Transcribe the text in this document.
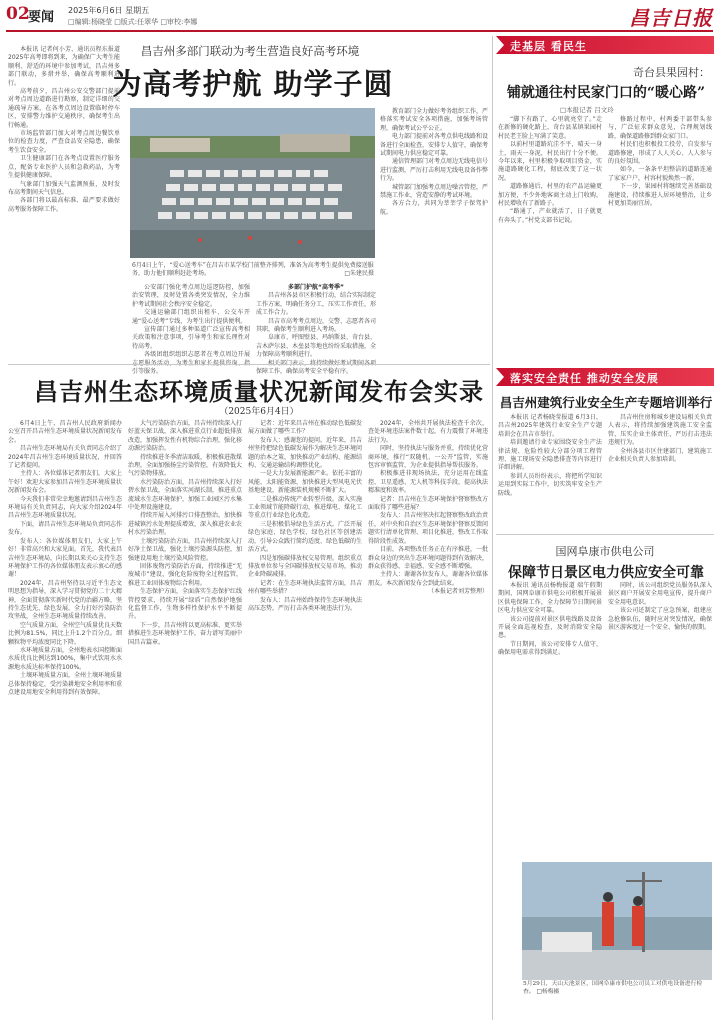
02
要闻 2025年6月6日 星期五
□编辑:杨晓莹 □版式:任翠华 □审校:李娜	昌吉日报
昌吉州多部门联动为考生营造良好高考环境
为高考护航 助学子圆

本报讯 记者何小芳、通讯员程东报道 2025年高考即将到来，为确保广大考生能顺利、舒适的环境中参加考试，昌吉州多部门联动，多措并举，确保高考顺利进行。

高考前夕，昌吉州公安交警部门提前对考点周边道路进行勘察，制定详细的交通疏导方案，在各考点周边设置临时停车区，安排警力维护交通秩序，确保考生出行畅通。

市场监管部门加大对考点周边餐饮单位的检查力度，严查食品安全隐患，确保考生饮食安全。

卫生健康部门在各考点设置医疗服务点，配备专业医护人员和急救药品，为考生提供健康保障。

气象部门加强天气监测预报，及时发布高考期间天气信息。

各部门将以最高标准、最严要求做好高考服务保障工作。

教育部门全力做好考务组织工作，严格落实考试安全各项措施，加强考场管理，确保考试公平公正。

电力部门提前对各考点供电线路和设备进行全面检查，安排专人值守，确保考试期间电力供应稳定可靠。

通信管理部门对考点周边无线电信号进行监测，严厉打击利用无线电设备作弊行为。

城管部门加强考点周边噪音管控，严禁施工作业，营造安静的考试环境。

各方合力，共同为莘莘学子保驾护航。

6月4日上午，“爱心送考车”在昌吉市某学校门前整齐排列，准备为高考考生提供免费接送服务，助力他们顺利赶赴考场。	□朱建民摄

公安部门强化考点周边巡逻防控，加强治安管理，及时处置各类突发情况，全力维护考试期间社会秩序安全稳定。

交通运输部门组织出租车、公交车开通“爱心送考”专线，为考生出行提供便利。

宣传部门通过多种渠道广泛宣传高考相关政策和注意事项，引导考生和家长理性对待高考。

各级团组织组织志愿者在考点周边开展 引等服务。

多部门护航“高考季”

昌吉州各县市区积极行动，结合实际制定工作方案，明确任务分工，压实工作责任，形成工作合力。

昌吉市高考考点周边，交警、志愿者各司其职，确保考生顺利进入考场。

阜康市、呼图壁县、玛纳斯县、奇台县、吉木萨尔县、木垒县等地也纷纷采取措施，全力保障高考顺利进行。

保障工作，确保高考安全平稳有序。

走基层 看民生
奇台县果园村：
铺就通往村民家门口的“暖心路”
□本报记者 吕文玲

“脚下有路了，心里就亮堂了。”走在新修的硬化路上，奇台县某镇果园村村民老王脸上写满了笑意。

以前村里道路坑洼不平，晴天一身土，雨天一身泥，村民出行十分不便。今年以来，村里积极争取项目资金，实施道路硬化工程，彻底改变了这一状况。

道路修通后，村里的农产品运输更加方便，不少外地客商主动上门收购，村民增收有了新路子。

“路通了，产业就活了，日子就更有奔头了。”村党支部书记说。

修路过程中，村两委干部带头参与，广泛征求群众意见，合理规划线路，确保道路修到群众家门口。

村民们也积极投工投劳，自发参与道路修建，形成了人人关心、人人参与的良好氛围。

如今，一条条平坦整洁的道路连通了家家户户，村容村貌焕然一新。

下一步，果园村将继续完善基础设施建设，持续推进人居环境整治，让乡村更加美丽宜居。

昌吉州生态环境质量状况新闻发布会实录
（2025年6月4日）

6月4日上午，昌吉州人民政府新闻办公室召开昌吉州生态环境质量状况新闻发布会。

昌吉州生态环境局有关负责同志介绍了2024年昌吉州生态环境质量状况，并回答了记者提问。

主持人：各位媒体记者朋友们，大家上午好！欢迎大家参加昌吉州生态环境质量状况新闻发布会。

今天我们非常荣幸地邀请到昌吉州生态环境局有关负责同志，向大家介绍2024年昌吉州生态环境质量状况。

下面，请昌吉州生态环境局负责同志作发布。

发布人：各位媒体朋友们，大家上午好！非常高兴和大家见面。首先，我代表昌吉州生态环境局，向长期以来关心支持生态环境保护工作的各位媒体朋友表示衷心的感谢！

2024年，昌吉州坚持以习近平生态文明思想为指导，深入学习贯彻党的二十大精神，全面贯彻落实新时代党的治疆方略，坚持生态优先、绿色发展，全力打好污染防治攻坚战，全州生态环境质量持续改善。

空气质量方面，全州空气质量优良天数比例为81.5%，同比上升1.2个百分点。细颗粒物平均浓度同比下降。

水环境质量方面，全州地表水国控断面水质优良比例达到100%，集中式饮用水水源地水质达标率保持100%。

土壤环境质量方面，全州土壤环境质量总体保持稳定，受污染耕地安全利用率和重点建设用地安全利用得到有效保障。

大气污染防治方面，昌吉州持续深入打好蓝天保卫战，深入推进重点行业超低排放改造，加强挥发性有机物综合治理，强化移动源污染防治。

持续推进冬季清洁取暖，积极推进散煤治理，全面加强扬尘污染管控，有效降低大气污染物排放。

水污染防治方面，昌吉州持续深入打好碧水保卫战，全面落实河湖长制，推进重点流域水生态环境保护，加强工业园区污水集中处理设施建设。

持续开展入河排污口排查整治，加快推进城镇污水处理提质增效，深入推进农业农村水污染治理。

土壤污染防治方面，昌吉州持续深入打好净土保卫战，强化土壤污染源头防控，加强建设用地土壤污染风险管控。

固体废物污染防治方面，持续推进“无废城市”建设，强化危险废物全过程监管，推进工业固体废物综合利用。

生态保护方面，全面落实生态保护红线管控要求，持续开展“绿盾”自然保护地强化监督工作，生物多样性保护水平不断提升。

下一步，昌吉州将以更高标准、更实举措推进生态环境保护工作，奋力谱写美丽中国昌吉篇章。

记者：近年来昌吉州在推动绿色低碳发展方面做了哪些工作？

发布人：感谢您的提问。近年来，昌吉州坚持把绿色低碳发展作为解决生态环境问题的治本之策，加快推动产业结构、能源结构、交通运输结构调整优化。

一是大力发展新能源产业。依托丰富的风能、太阳能资源，加快推进大型风电光伏基地建设，新能源装机规模不断扩大。

二是推动传统产业转型升级。深入实施工业领域节能降碳行动，推进煤电、煤化工等重点行业绿色化改造。

三是积极倡导绿色生活方式。广泛开展绿色家庭、绿色学校、绿色社区等创建活动，引导公众践行简约适度、绿色低碳的生活方式。

四是加强碳排放权交易管理。组织重点排放单位参与全国碳排放权交易市场，推动企业降碳减排。

记者：在生态环境执法监管方面，昌吉州有哪些举措？

发布人：昌吉州始终保持生态环境执法高压态势，严厉打击各类环境违法行为。

2024年，全州共开展执法检查千余次，查处环境违法案件数十起，有力震慑了环境违法行为。

同时，坚持执法与服务并重，持续优化营商环境，推行“双随机、一公开”监管，实施包容审慎监管，为企业提供指导帮扶服务。

积极推进非现场执法，充分运用在线监控、卫星遥感、无人机等科技手段，提高执法精准度和效率。

记者：昌吉州在生态环境保护督察整改方面取得了哪些进展？

发布人：昌吉州坚决扛起督察整改政治责任，对中央和自治区生态环境保护督察反馈问题实行清单化管理、项目化推进，整改工作取得阶段性成效。

目前，各项整改任务正在有序推进，一批群众身边的突出生态环境问题得到有效解决，群众获得感、幸福感、安全感不断增强。

主持人：谢谢各位发布人，谢谢各位媒体朋友。本次新闻发布会到此结束。

（本报记者刘芳整理）

落实安全责任 推动安全发展
昌吉州建筑行业安全生产专题培训举行

本报讯 记者杨晓莹报道 6月3日，昌吉州2025年建筑行业安全生产专题培训会在昌吉市举行。

培训邀请行业专家围绕安全生产法律法规、危险性较大分部分项工程管理、施工现场安全隐患排查等内容进行详细讲解。

参训人员纷纷表示，将把所学知识运用到实际工作中，切实筑牢安全生产防线。

昌吉州住房和城乡建设局相关负责人表示，将持续加强建筑施工安全监管，压实企业主体责任，严厉打击违法违规行为。

全州各县市区住建部门、建筑施工企业相关负责人参加培训。

国网阜康市供电公司
保障节日景区电力供应安全可靠

本报讯 通讯员杨梅报道 端午假期期间，国网阜康市供电公司积极开展景区供电保障工作，全力保障节日期间景区电力供应安全可靠。

该公司提前对景区供电线路及设备开展全面巡视检查，及时消除安全隐患。

节日期间，该公司安排专人值守，确保用电需求得到满足。

同时，该公司组织党员服务队深入景区商户开展安全用电宣传，提升商户安全用电意识。

该公司还制定了应急预案，组建应急抢修队伍，随时应对突发情况，确保景区游客度过一个安全、愉快的假期。

5月29日，天山天池景区，国网阜康市供电公司员工对供电设备进行检查。 □杨梅摄
